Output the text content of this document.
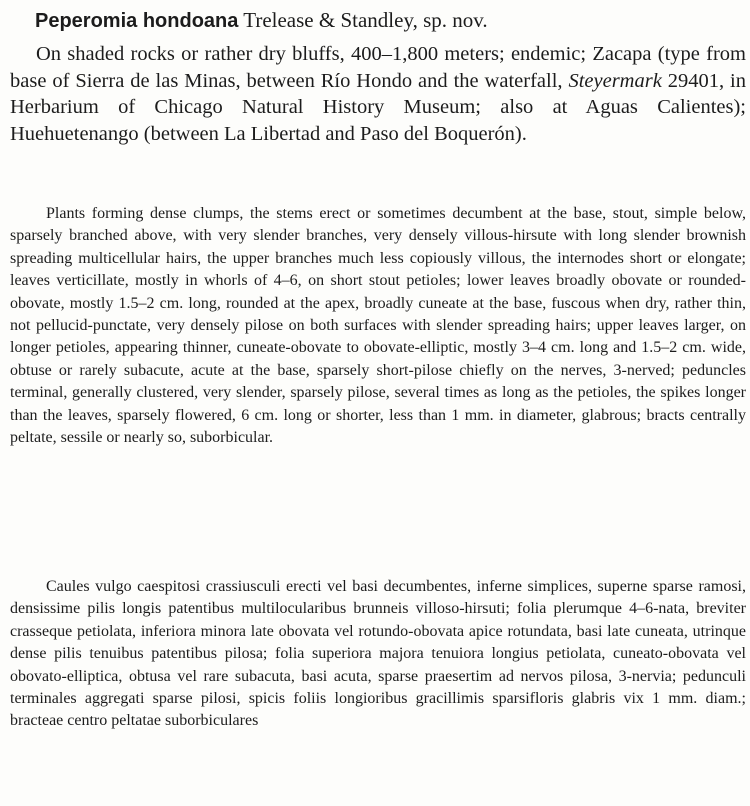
Peperomia hondoana Trelease & Standley, sp. nov.

On shaded rocks or rather dry bluffs, 400–1,800 meters; endemic; Zacapa (type from base of Sierra de las Minas, between Río Hondo and the waterfall, Steyermark 29401, in Herbarium of Chicago Natural History Museum; also at Aguas Calientes); Huehuetenango (between La Libertad and Paso del Boquerón).

Plants forming dense clumps, the stems erect or sometimes decumbent at the base, stout, simple below, sparsely branched above, with very slender branches, very densely villous-hirsute with long slender brownish spreading multicellular hairs, the upper branches much less copiously villous, the internodes short or elongate; leaves verticillate, mostly in whorls of 4–6, on short stout petioles; lower leaves broadly obovate or rounded-obovate, mostly 1.5–2 cm. long, rounded at the apex, broadly cuneate at the base, fuscous when dry, rather thin, not pellucid-punctate, very densely pilose on both surfaces with slender spreading hairs; upper leaves larger, on longer petioles, appearing thinner, cuneate-obovate to obovate-elliptic, mostly 3–4 cm. long and 1.5–2 cm. wide, obtuse or rarely subacute, acute at the base, sparsely short-pilose chiefly on the nerves, 3-nerved; peduncles terminal, generally clustered, very slender, sparsely pilose, several times as long as the petioles, the spikes longer than the leaves, sparsely flowered, 6 cm. long or shorter, less than 1 mm. in diameter, glabrous; bracts centrally peltate, sessile or nearly so, suborbicular.

Caules vulgo caespitosi crassiusculi erecti vel basi decumbentes, inferne simplices, superne sparse ramosi, densissime pilis longis patentibus multilocularibus brunneis villoso-hirsuti; folia plerumque 4–6-nata, breviter crasseque petiolata, inferiora minora late obovata vel rotundo-obovata apice rotundata, basi late cuneata, utrinque dense pilis tenuibus patentibus pilosa; folia superiora majora tenuiora longius petiolata, cuneato-obovata vel obovato-elliptica, obtusa vel rare subacuta, basi acuta, sparse praesertim ad nervos pilosa, 3-nervia; pedunculi terminales aggregati sparse pilosi, spicis foliis longioribus gracillimis sparsifloris glabris vix 1 mm. diam.; bracteae centro peltatae suborbiculares
